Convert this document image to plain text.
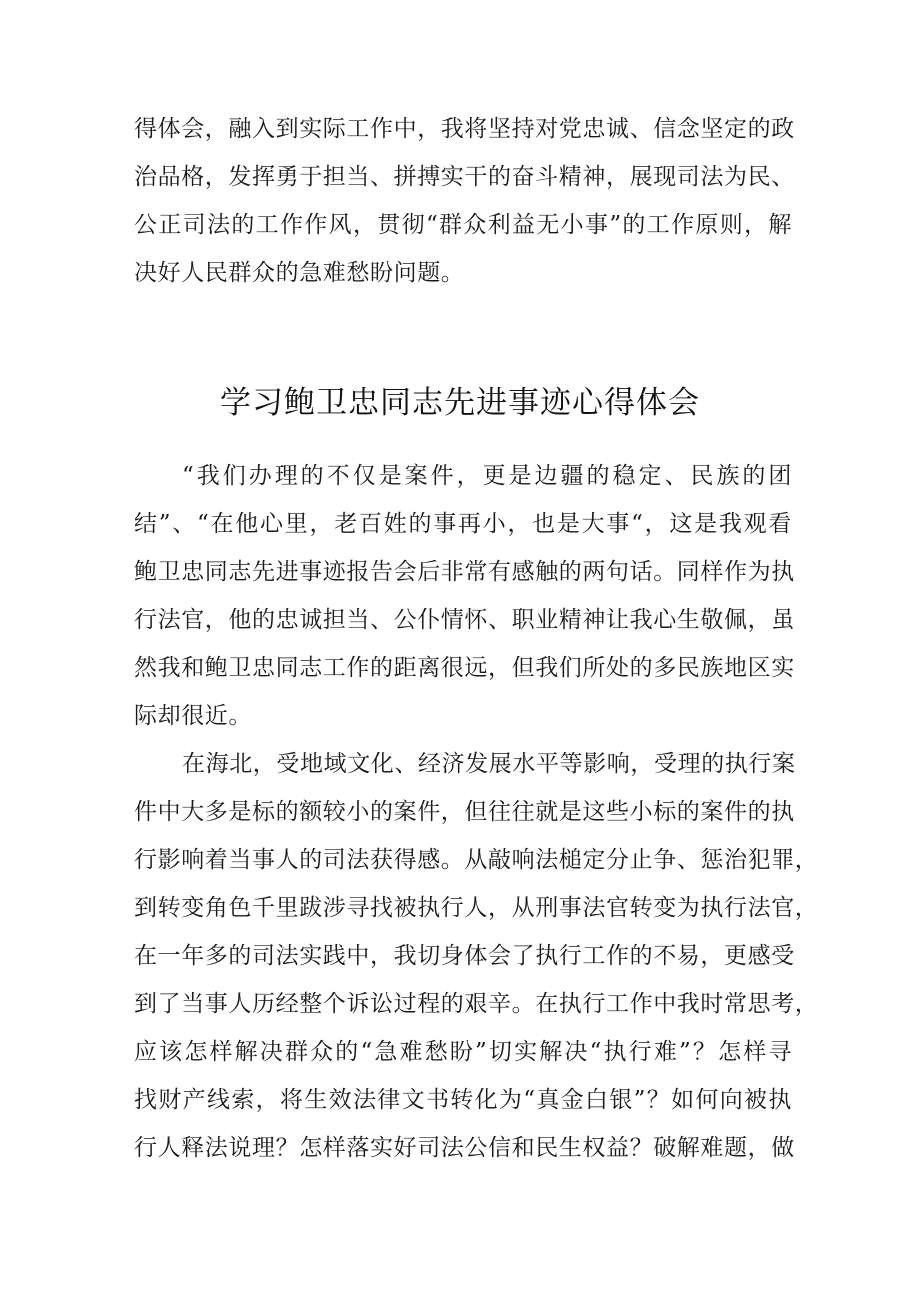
得体会，融入到实际工作中，我将坚持对党忠诚、信念坚定的政
治品格，发挥勇于担当、拼搏实干的奋斗精神，展现司法为民、
公正司法的工作作风，贯彻“群众利益无小事”的工作原则，解
决好人民群众的急难愁盼问题。
学习鲍卫忠同志先进事迹心得体会
“我们办理的不仅是案件，更是边疆的稳定、民族的团
结”、“在他心里，老百姓的事再小，也是大事“，这是我观看
鲍卫忠同志先进事迹报告会后非常有感触的两句话。同样作为执
行法官，他的忠诚担当、公仆情怀、职业精神让我心生敬佩，虽
然我和鲍卫忠同志工作的距离很远，但我们所处的多民族地区实
际却很近。
在海北，受地域文化、经济发展水平等影响，受理的执行案
件中大多是标的额较小的案件，但往往就是这些小标的案件的执
行影响着当事人的司法获得感。从敲响法槌定分止争、惩治犯罪，
到转变角色千里跋涉寻找被执行人，从刑事法官转变为执行法官，
在一年多的司法实践中，我切身体会了执行工作的不易，更感受
到了当事人历经整个诉讼过程的艰辛。在执行工作中我时常思考，
应该怎样解决群众的“急难愁盼”切实解决“执行难”？怎样寻
找财产线索，将生效法律文书转化为“真金白银”？如何向被执
行人释法说理？怎样落实好司法公信和民生权益？破解难题，做
